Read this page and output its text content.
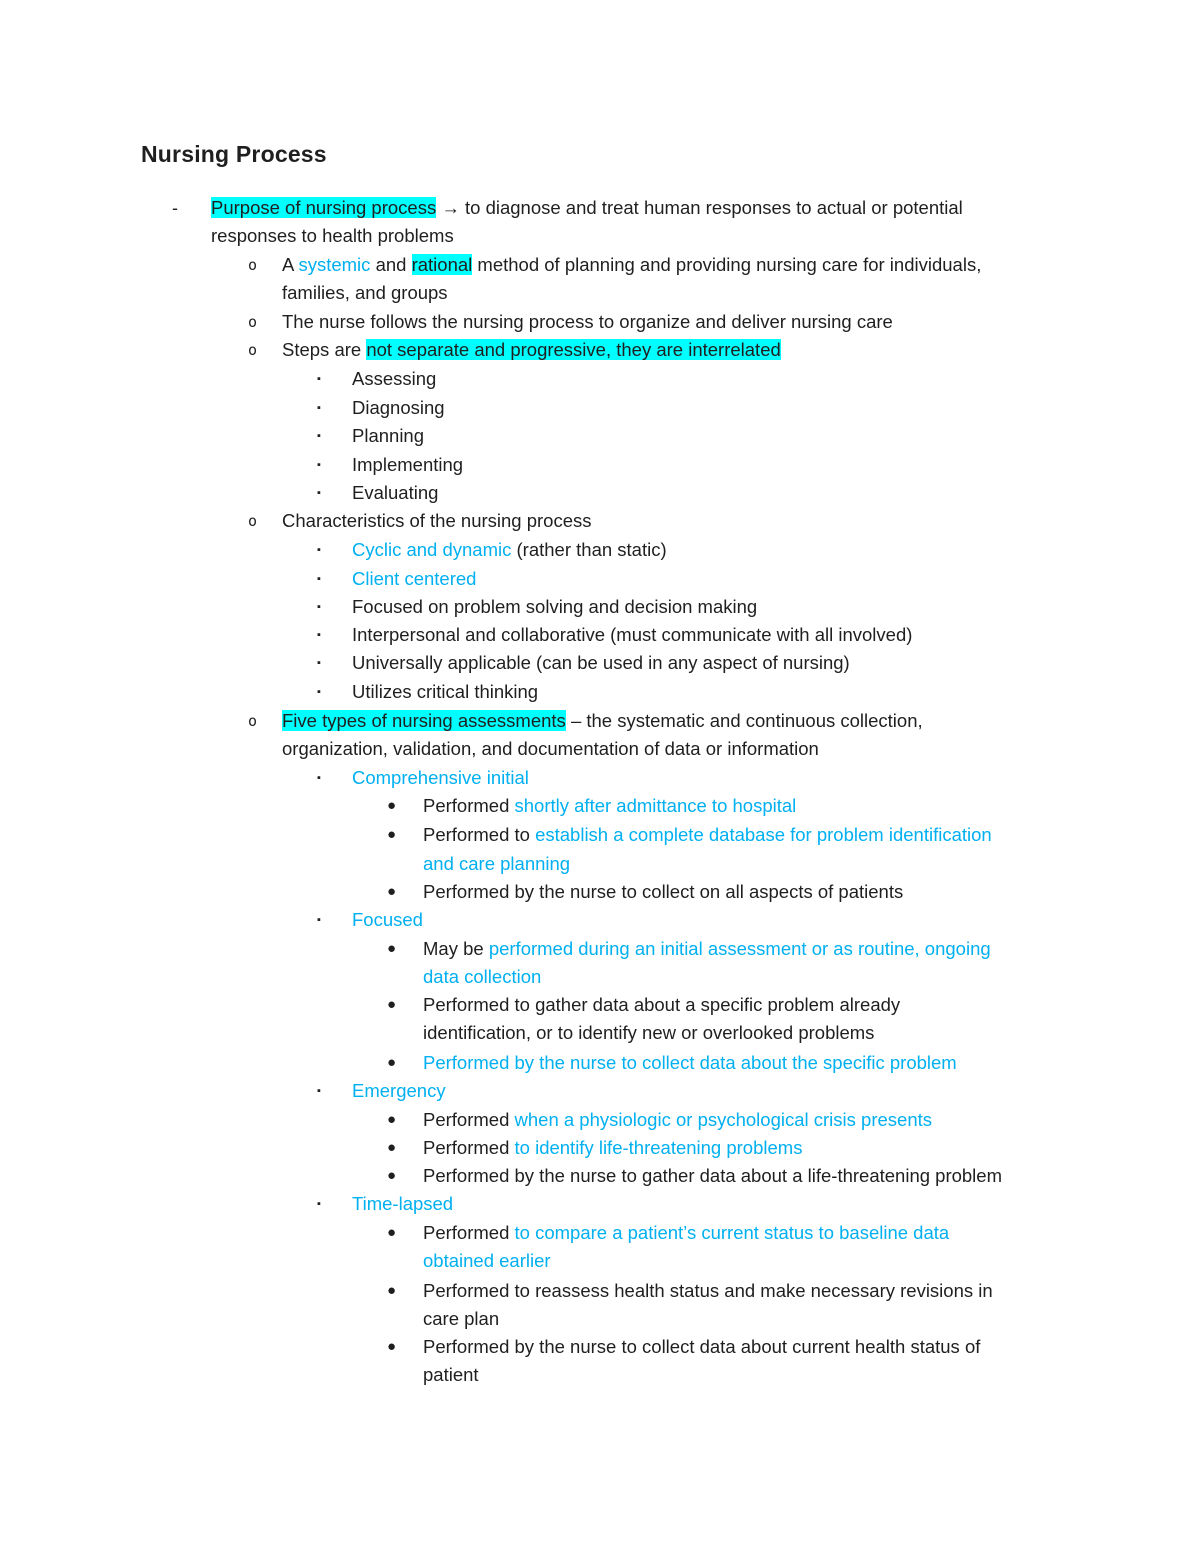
Nursing Process
- Purpose of nursing process → to diagnose and treat human responses to actual or potential

responses to health problems

o A systemic and rational method of planning and providing nursing care for individuals,

families, and groups

o The nurse follows the nursing process to organize and deliver nursing care

o Steps are not separate and progressive, they are interrelated

▪ Assessing

▪ Diagnosing

▪ Planning

▪ Implementing

▪ Evaluating

o Characteristics of the nursing process

▪ Cyclic and dynamic (rather than static)

▪ Client centered

▪ Focused on problem solving and decision making

▪ Interpersonal and collaborative (must communicate with all involved)

▪ Universally applicable (can be used in any aspect of nursing)

▪ Utilizes critical thinking

o Five types of nursing assessments – the systematic and continuous collection,

organization, validation, and documentation of data or information

▪ Comprehensive initial

● Performed shortly after admittance to hospital

● Performed to establish a complete database for problem identification

and care planning

● Performed by the nurse to collect on all aspects of patients

▪ Focused

● May be performed during an initial assessment or as routine, ongoing

data collection

● Performed to gather data about a specific problem already

identification, or to identify new or overlooked problems

● Performed by the nurse to collect data about the specific problem

▪ Emergency

● Performed when a physiologic or psychological crisis presents

● Performed to identify life-threatening problems

● Performed by the nurse to gather data about a life-threatening problem

▪ Time-lapsed

● Performed to compare a patient’s current status to baseline data

obtained earlier

● Performed to reassess health status and make necessary revisions in

care plan

● Performed by the nurse to collect data about current health status of

patient
